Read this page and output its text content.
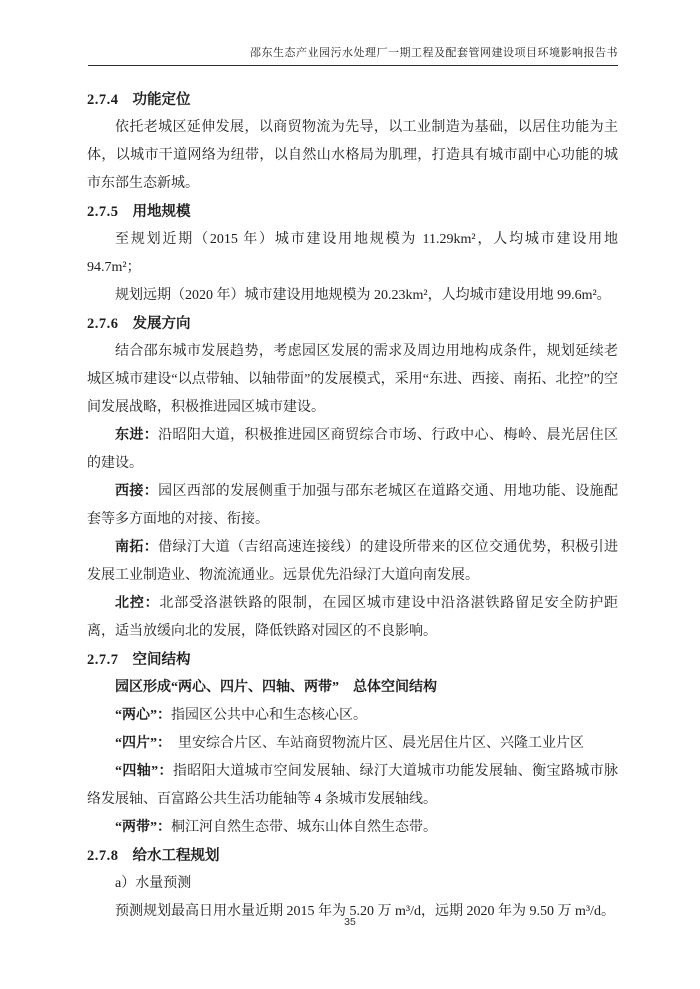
邵东生态产业园污水处理厂一期工程及配套管网建设项目环境影响报告书
2.7.4 功能定位

依托老城区延伸发展，以商贸物流为先导，以工业制造为基础，以居住功能为主体，以城市干道网络为纽带，以自然山水格局为肌理，打造具有城市副中心功能的城市东部生态新城。

2.7.5 用地规模

至规划近期（2015 年）城市建设用地规模为 11.29km²，人均城市建设用地 94.7m²；

规划远期（2020 年）城市建设用地规模为 20.23km²，人均城市建设用地 99.6m²。

2.7.6 发展方向

结合邵东城市发展趋势，考虑园区发展的需求及周边用地构成条件，规划延续老城区城市建设“以点带轴、以轴带面”的发展模式，采用“东进、西接、南拓、北控”的空间发展战略，积极推进园区城市建设。

东进：沿昭阳大道，积极推进园区商贸综合市场、行政中心、梅岭、晨光居住区的建设。

西接：园区西部的发展侧重于加强与邵东老城区在道路交通、用地功能、设施配套等多方面地的对接、衔接。

南拓：借绿汀大道（吉绍高速连接线）的建设所带来的区位交通优势，积极引进发展工业制造业、物流流通业。远景优先沿绿汀大道向南发展。

北控：北部受洛湛铁路的限制，在园区城市建设中沿洛湛铁路留足安全防护距离，适当放缓向北的发展，降低铁路对园区的不良影响。

2.7.7 空间结构

园区形成“两心、四片、四轴、两带”　总体空间结构

“两心”：指园区公共中心和生态核心区。

“四片”：　里安综合片区、车站商贸物流片区、晨光居住片区、兴隆工业片区

“四轴”：指昭阳大道城市空间发展轴、绿汀大道城市功能发展轴、衡宝路城市脉络发展轴、百富路公共生活功能轴等 4 条城市发展轴线。

“两带”：桐江河自然生态带、城东山体自然生态带。

2.7.8 给水工程规划

a）水量预测

预测规划最高日用水量近期 2015 年为 5.20 万 m³/d，远期 2020 年为 9.50 万 m³/d。

35
